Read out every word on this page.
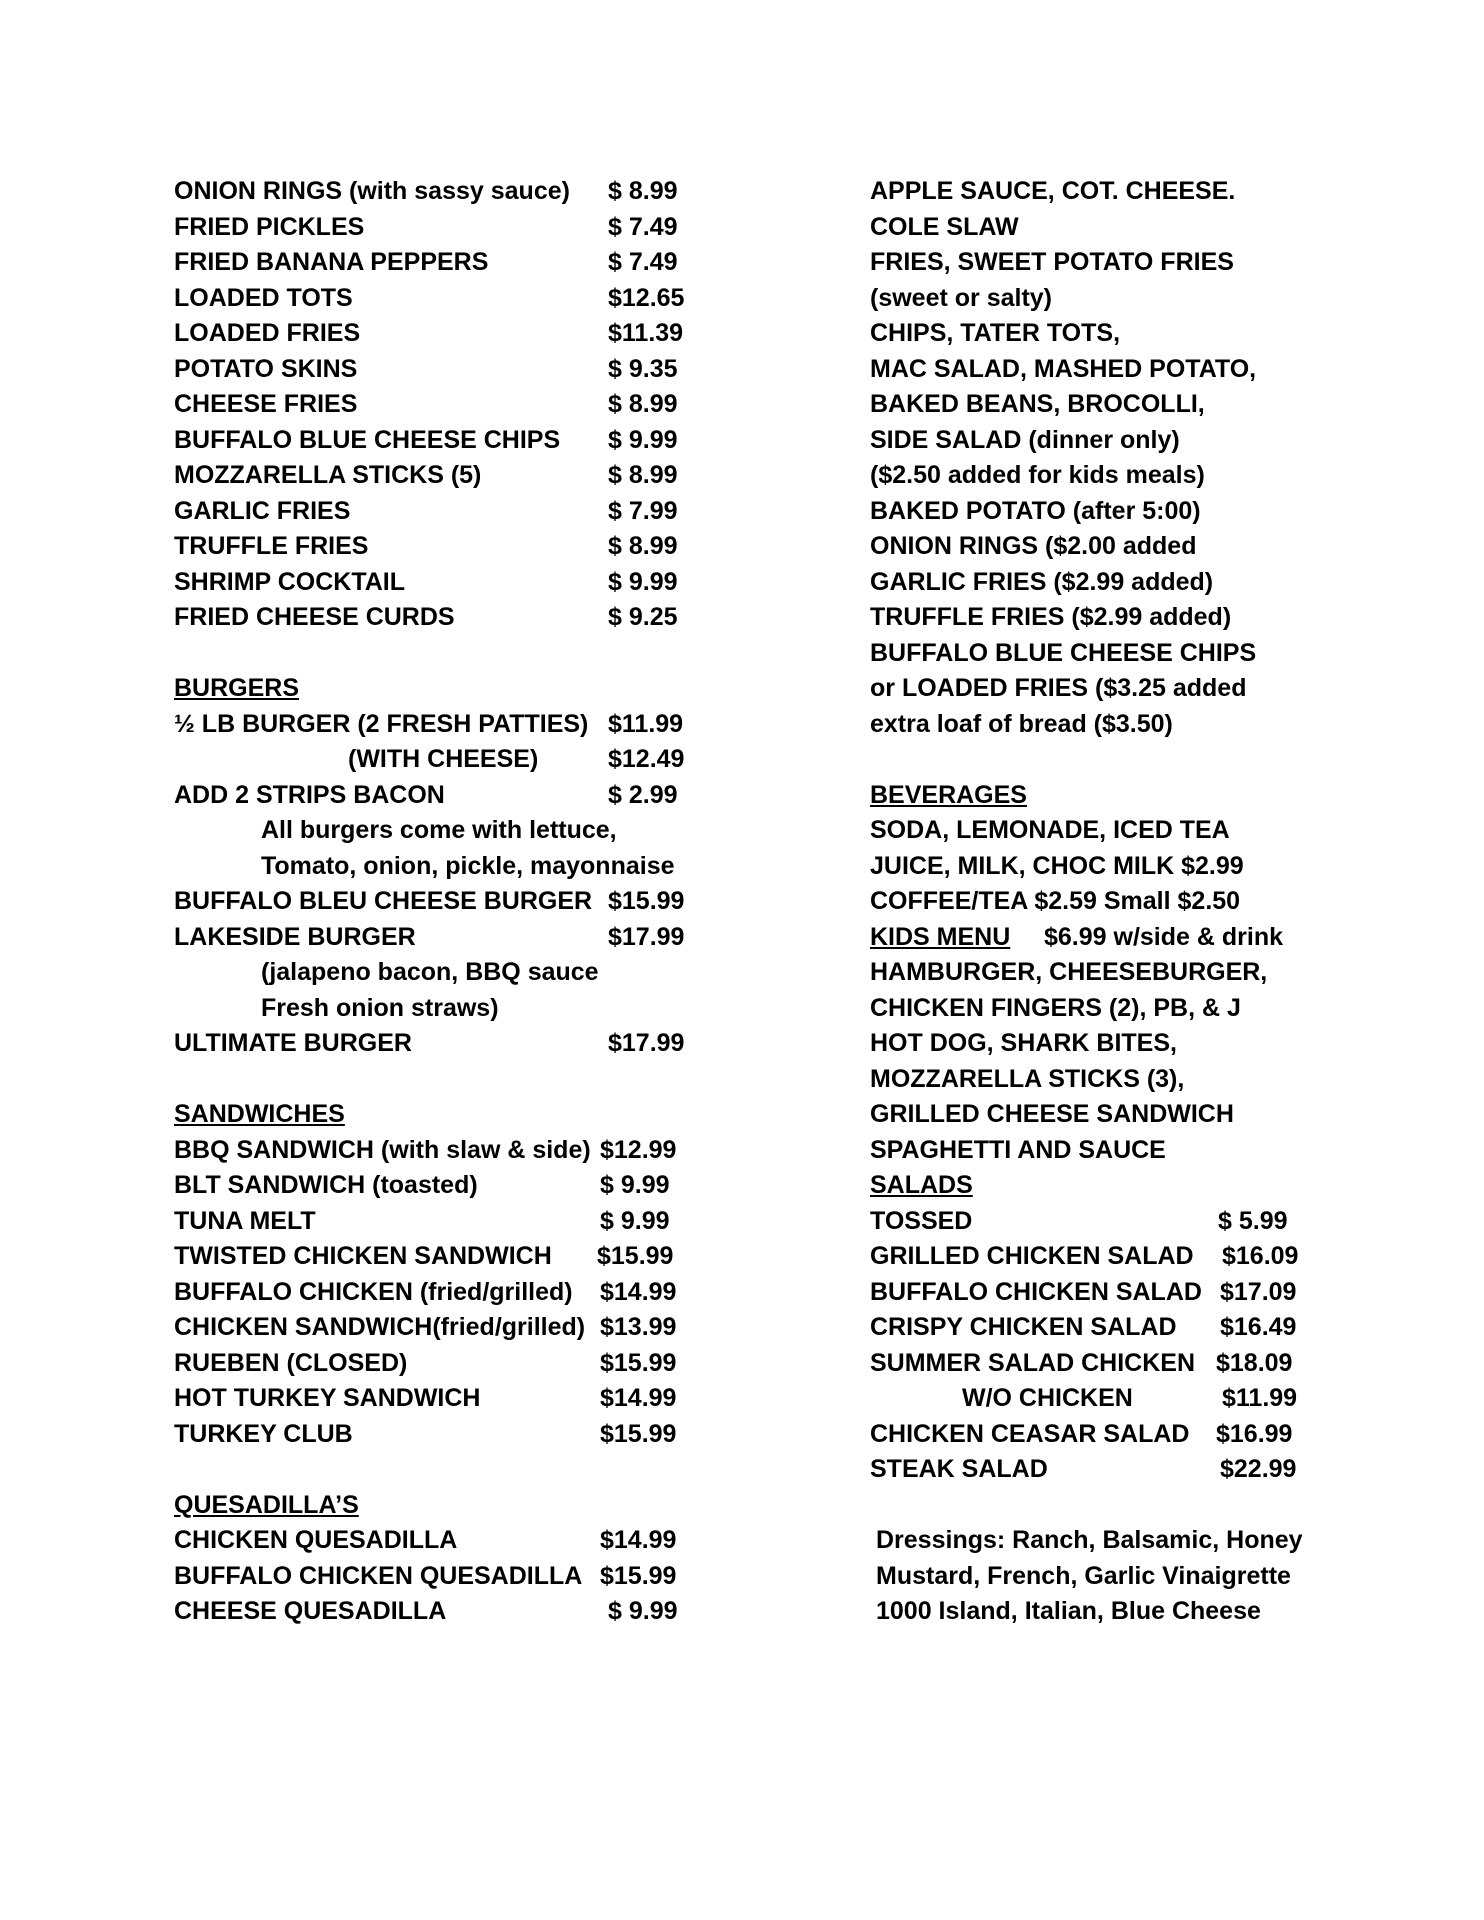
ONION RINGS (with sassy sauce) $ 8.99
FRIED PICKLES	$ 7.49
FRIED BANANA PEPPERS	$ 7.49
LOADED TOTS	$12.65
LOADED FRIES	$11.39
POTATO SKINS	$ 9.35
CHEESE FRIES	$ 8.99
BUFFALO BLUE CHEESE CHIPS $ 9.99
MOZZARELLA STICKS (5)	$ 8.99
GARLIC FRIES	$ 7.99
TRUFFLE FRIES	$ 8.99
SHRIMP COCKTAIL	$ 9.99
FRIED CHEESE CURDS	$ 9.25
BURGERS
½ LB BURGER (2 FRESH PATTIES) $11.99
(WITH CHEESE)	$12.49
ADD 2 STRIPS BACON	$ 2.99
All burgers come with lettuce,
Tomato, onion, pickle, mayonnaise
BUFFALO BLEU CHEESE BURGER $15.99
LAKESIDE BURGER	$17.99
(jalapeno bacon, BBQ sauce
Fresh onion straws)
ULTIMATE BURGER	$17.99
SANDWICHES
BBQ SANDWICH (with slaw & side) $12.99
BLT SANDWICH (toasted)	$ 9.99
TUNA MELT	$ 9.99
TWISTED CHICKEN SANDWICH $15.99
BUFFALO CHICKEN (fried/grilled) $14.99
CHICKEN SANDWICH(fried/grilled) $13.99
RUEBEN (CLOSED)	$15.99
HOT TURKEY SANDWICH	$14.99
TURKEY CLUB	$15.99
QUESADILLA’S
CHICKEN QUESADILLA	$14.99
BUFFALO CHICKEN QUESADILLA $15.99
CHEESE QUESADILLA	$ 9.99
APPLE SAUCE, COT. CHEESE.
COLE SLAW
FRIES, SWEET POTATO FRIES
(sweet or salty)
CHIPS, TATER TOTS,
MAC SALAD, MASHED POTATO,
BAKED BEANS, BROCOLLI,
SIDE SALAD (dinner only)
($2.50 added for kids meals)
BAKED POTATO (after 5:00)
ONION RINGS ($2.00 added
GARLIC FRIES ($2.99 added)
TRUFFLE FRIES ($2.99 added)
BUFFALO BLUE CHEESE CHIPS
or LOADED FRIES ($3.25 added
extra loaf of bread ($3.50)
BEVERAGES
SODA, LEMONADE, ICED TEA
JUICE, MILK, CHOC MILK $2.99
COFFEE/TEA $2.59 Small $2.50
KIDS MENU $6.99 w/side & drink
HAMBURGER, CHEESEBURGER,
CHICKEN FINGERS (2), PB, & J
HOT DOG, SHARK BITES,
MOZZARELLA STICKS (3),
GRILLED CHEESE SANDWICH
SPAGHETTI AND SAUCE
SALADS
TOSSED	$ 5.99
GRILLED CHICKEN SALAD $16.09
BUFFALO CHICKEN SALAD $17.09
CRISPY CHICKEN SALAD $16.49
SUMMER SALAD CHICKEN $18.09
W/O CHICKEN	$11.99
CHICKEN CEASAR SALAD $16.99
STEAK SALAD	$22.99
Dressings: Ranch, Balsamic, Honey
Mustard, French, Garlic Vinaigrette
1000 Island, Italian, Blue Cheese
